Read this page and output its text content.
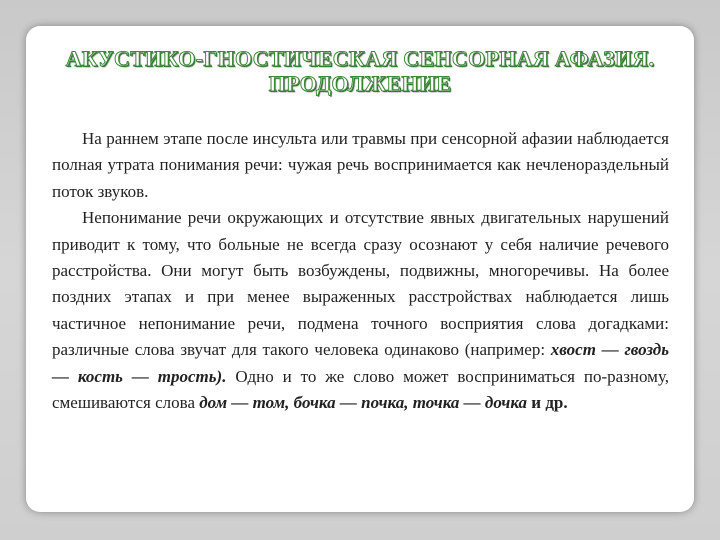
АКУСТИКО-ГНОСТИЧЕСКАЯ СЕНСОРНАЯ АФАЗИЯ.
ПРОДОЛЖЕНИЕ

На раннем этапе после инсульта или травмы при сенсорной афазии наблюдается полная утрата понимания речи: чужая речь воспринимается как нечленораздельный поток звуков.

Непонимание речи окружающих и отсутствие явных двигательных нарушений приводит к тому, что больные не всегда сразу осознают у себя наличие речевого расстройства. Они могут быть возбуждены, подвижны, многоречивы. На более поздних этапах и при менее выраженных расстройствах наблюдается лишь частичное непонимание речи, подмена точного восприятия слова догадками: различные слова звучат для такого человека одинаково (например: хвост — гвоздь — кость — трость). Одно и то же слово может восприниматься по-разному, смешиваются слова дом — том, бочка — почка, точка — дочка и др.
